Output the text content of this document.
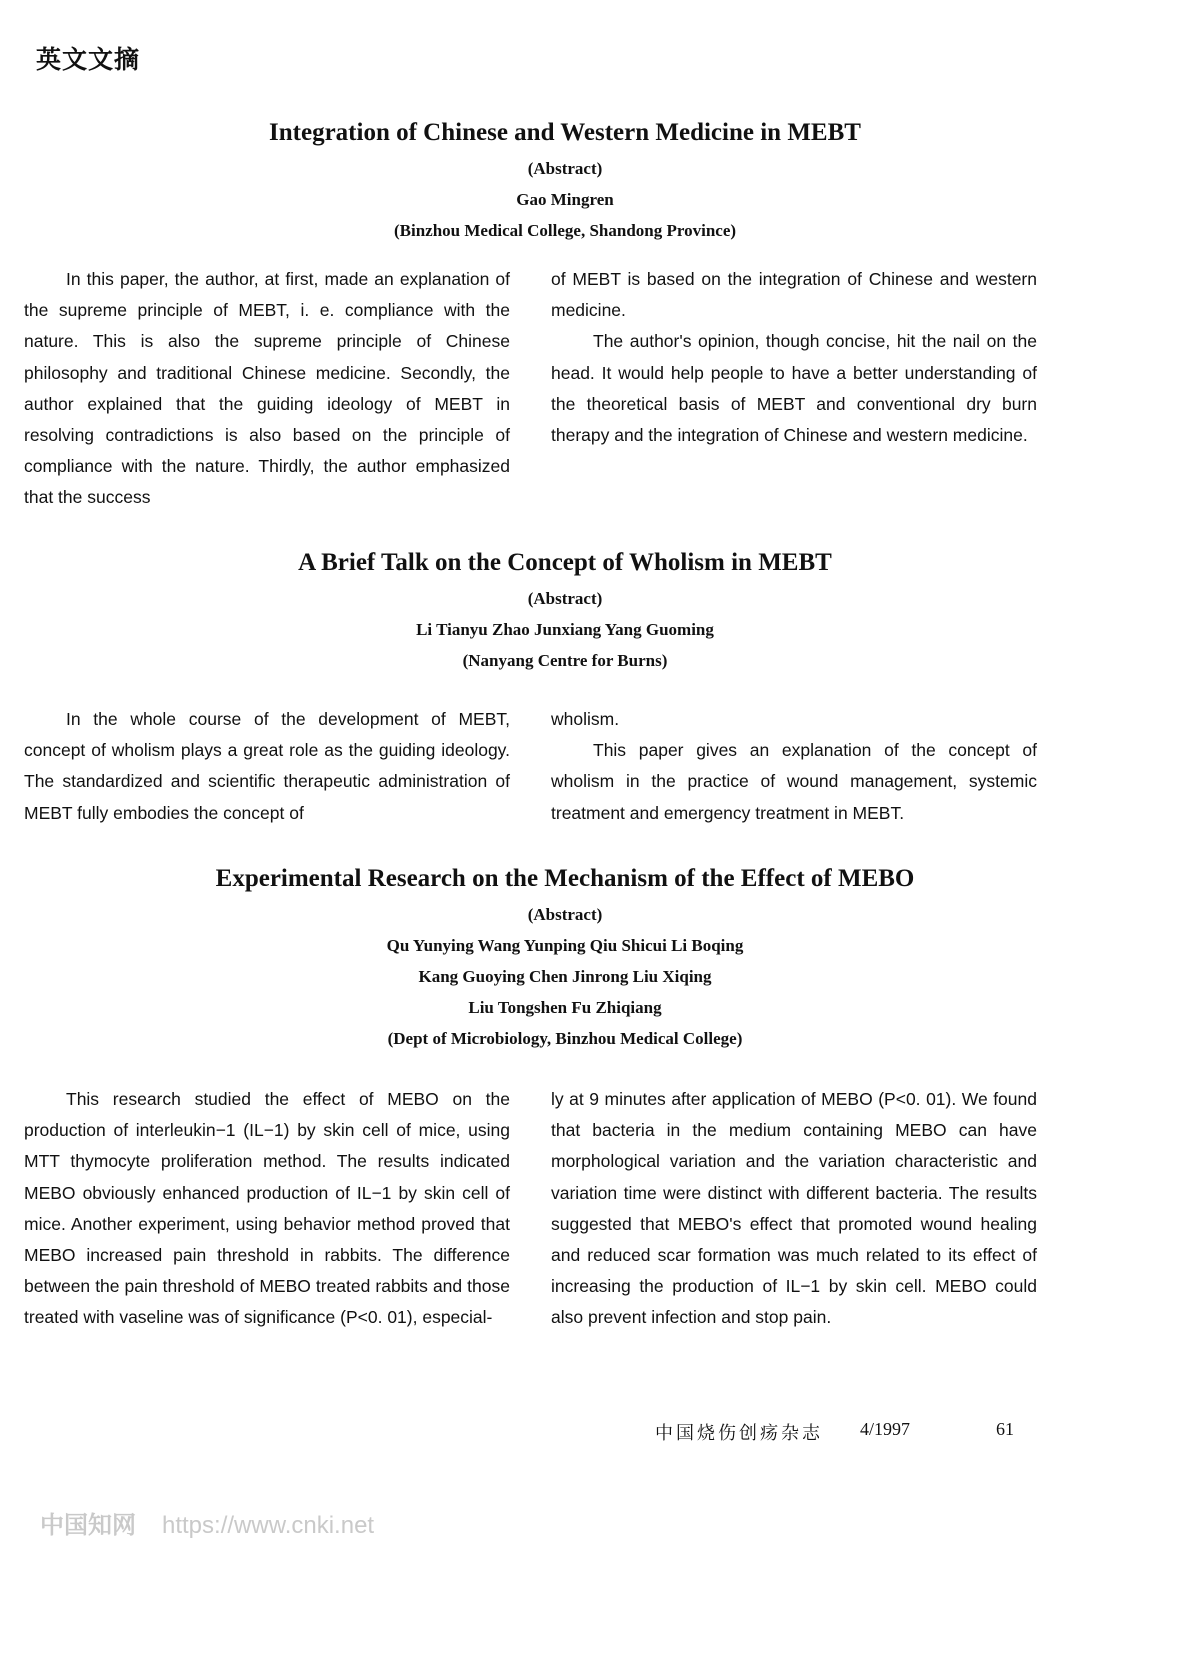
英文文摘
Integration of Chinese and Western Medicine in MEBT
(Abstract)
Gao Mingren
(Binzhou Medical College, Shandong Province)

In this paper, the author, at first, made an explanation of the supreme principle of MEBT, i. e. compliance with the nature. This is also the supreme principle of Chinese philosophy and traditional Chinese medicine. Secondly, the author explained that the guiding ideology of MEBT in resolving contradictions is also based on the principle of compliance with the nature. Thirdly, the author emphasized that the success

of MEBT is based on the integration of Chinese and western medicine.

The author's opinion, though concise, hit the nail on the head. It would help people to have a better understanding of the theoretical basis of MEBT and conventional dry burn therapy and the integration of Chinese and western medicine.

A Brief Talk on the Concept of Wholism in MEBT
(Abstract)
Li Tianyu Zhao Junxiang Yang Guoming
(Nanyang Centre for Burns)

In the whole course of the development of MEBT, concept of wholism plays a great role as the guiding ideology. The standardized and scientific therapeutic administration of MEBT fully embodies the concept of

wholism.

This paper gives an explanation of the concept of wholism in the practice of wound management, systemic treatment and emergency treatment in MEBT.

Experimental Research on the Mechanism of the Effect of MEBO
(Abstract)
Qu Yunying Wang Yunping Qiu Shicui Li Boqing
Kang Guoying Chen Jinrong Liu Xiqing
Liu Tongshen Fu Zhiqiang
(Dept of Microbiology, Binzhou Medical College)

This research studied the effect of MEBO on the production of interleukin−1 (IL−1) by skin cell of mice, using MTT thymocyte proliferation method. The results indicated MEBO obviously enhanced production of IL−1 by skin cell of mice. Another experiment, using behavior method proved that MEBO increased pain threshold in rabbits. The difference between the pain threshold of MEBO treated rabbits and those treated with vaseline was of significance (P<0. 01), especial-

ly at 9 minutes after application of MEBO (P<0. 01). We found that bacteria in the medium containing MEBO can have morphological variation and the variation characteristic and variation time were distinct with different bacteria. The results suggested that MEBO's effect that promoted wound healing and reduced scar formation was much related to its effect of increasing the production of IL−1 by skin cell. MEBO could also prevent infection and stop pain.

中国烧伤创疡杂志 4/1997	61
中国知网 https://www.cnki.net
